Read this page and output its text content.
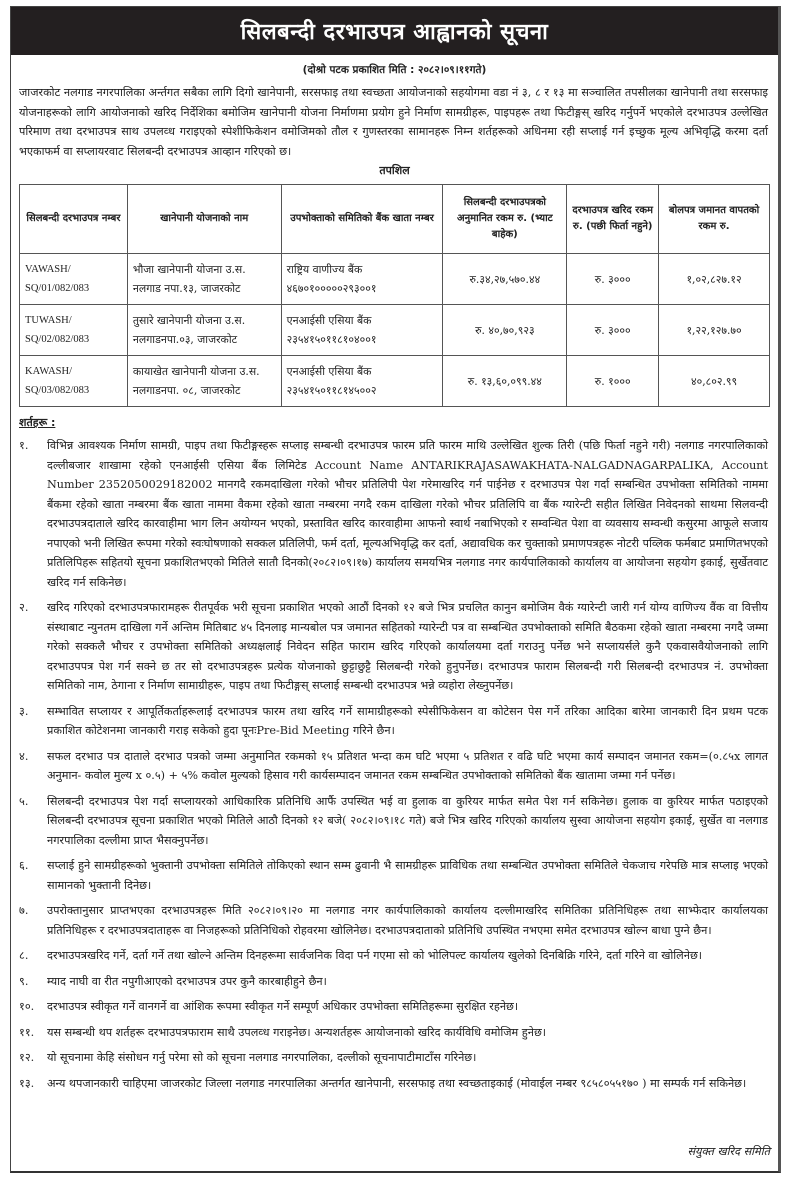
सिलबन्दी दरभाउपत्र आह्वानको सूचना
(दोश्रो पटक प्रकाशित मिति : २०८२।०९।११गते)
जाजरकोट नलगाड नगरपालिका अर्न्तगत सबैका लागि दिगो खानेपानी, सरसफाइ तथा स्वच्छता आयोजनाको सहयोगमा वडा नं ३, ८ र १३ मा सञ्चालित तपसीलका खानेपानी तथा सरसफाइ योजनाहरूको लागि आयोजनाको खरिद निर्देशिका बमोजिम खानेपानी योजना निर्माणमा प्रयोग हुने निर्माण सामग्रीहरू, पाइपहरू तथा फिटीङ्गस् खरिद गर्नुपर्ने भएकोले दरभाउपत्र उल्लेखित परिमाण तथा दरभाउपत्र साथ उपलव्ध गराइएको स्पेशीफिकेशन वमोजिमको तौल र गुणस्तरका सामानहरू निम्न शर्तहरूको अधिनमा रही सप्लाई गर्न इच्छुक मूल्य अभिवृद्धि करमा दर्ता भएकाफर्म वा सप्लायरवाट सिलबन्दी दरभाउपत्र आव्हान गरिएको छ।
तपशिल
सिलबन्दी दरभाउपत्र नम्बर	खानेपानी योजनाको नाम	उपभोक्ताको समितिको बैंक खाता नम्बर	सिलबन्दी दरभाउपत्रको अनुमानित रकम रु. (भ्याट बाहेक)	दरभाउपत्र खरिद रकम रु. (पछी फिर्ता नहुने)	बोलपत्र जमानत वापतको रकम रु.
VAWASH/ SQ/01/082/083	भौजा खानेपानी योजना उ.स. नलगाड नपा.१३, जाजरकोट	राष्ट्रिय वाणीज्य बैंक ४६७०१०००००२९३००१	रु.३४,२७,५७०.४४	रु. ३०००	१,०२,८२७.१२
TUWASH/ SQ/02/082/083	तुसारे खानेपानी योजना उ.स. नलगाडनपा.०३, जाजरकोट	एनआईसी एसिया बैंक २३५४१५०११८१०४००१	रु. ४०,७०,९२३	रु. ३०००	१,२२,१२७.७०
KAWASH/ SQ/03/082/083	कायाखेत खानेपानी योजना उ.स. नलगाडनपा. ०८, जाजरकोट	एनआईसी एसिया बैंक २३५४१५०११८१४५००२	रु. १३,६०,०९९.४४	रु. १०००	४०,८०२.९९
शर्तहरू :
१.	विभिन्न आवश्यक निर्माण सामग्री, पाइप तथा फिटीङ्गस्हरू सप्लाइ सम्बन्धी दरभाउपत्र फारम प्रति फारम माथि उल्लेखित शुल्क तिरी (पछि फिर्ता नहुने गरी) नलगाड नगरपालिकाको दल्लीबजार शाखामा रहेको एनआईसी एसिया बैंक लिमिटेड Account Name ANTARIKRAJASAWAKHATA-NALGADNAGARPALIKA, Account Number 2352050029182002 मानगदै रकमदाखिला गरेको भौचर प्रतिलिपी पेश गरेमाखरिद गर्न पाईनेछ र दरभाउपत्र पेश गर्दा सम्बन्धित उपभोक्ता समितिको नाममा बैंकमा रहेको खाता नम्बरमा बैंक खाता नाममा वैकमा रहेको खाता नम्बरमा नगदै रकम दाखिला गरेको भौचर प्रतिलिपि वा बैंक ग्यारेन्टी सहीत लिखित निवेदनको साथमा सिलवन्दी दरभाउपत्रदाताले खरिद कारवाहीमा भाग लिन अयोग्यन भएको, प्रस्तावित खरिद कारवाहीमा आफनो स्वार्थ नबाभिएको र सम्वन्धित पेशा वा व्यवसाय सम्वन्धी कसुरमा आफूले सजाय नपाएको भनी लिखित रूपमा गरेको स्वःघोषणाको सक्कल प्रतिलिपी, फर्म दर्ता, मूल्यअभिवृद्धि कर दर्ता, अद्यावधिक कर चुक्ताको प्रमाणपत्रहरू नोटरी पव्लिक फर्मबाट प्रमाणितभएको प्रतिलिपिहरू सहितयो सूचना प्रकाशितभएको मितिले सातौ दिनको(२०८२।०९।१७) कार्यालय समयभित्र नलगाड नगर कार्यपालिकाको कार्यालय वा आयोजना सहयोग इकाई, सुर्खेतवाट खरिद गर्न सकिनेछ।
२.	खरिद गरिएको दरभाउपत्रफारामहरू रीतपूर्वक भरी सूचना प्रकाशित भएको आठौं दिनको १२ बजे भित्र प्रचलित कानुन बमोजिम वैकं ग्यारेन्टी जारी गर्न योग्य वाणिज्य वैंक वा वित्तीय संस्थाबाट न्युनतम दाखिला गर्ने अन्तिम मितिबाट ४५ दिनलाइ मान्यबोल पत्र जमानत सहितको ग्यारेन्टी पत्र वा सम्बन्धित उपभोक्ताको समिति बैठकमा रहेको खाता नम्बरमा नगदै जम्मा गरेको सक्कलै भौचर र उपभोक्ता समितिको अध्यक्षलाई निवेदन सहित फाराम खरिद गरिएको कार्यालयमा दर्ता गराउनु पर्नेछ भने सप्लायर्सले कुनै एकवासवैयोजनाको लागि दरभाउपपत्र पेश गर्न सक्ने छ तर सो दरभाउपत्रहरू प्रत्येक योजनाको छुट्टाछुट्टै सिलबन्दी गरेको हुनुपर्नेछ। दरभाउपत्र फाराम सिलबन्दी गरी सिलबन्दी दरभाउपत्र नं. उपभोक्ता समितिको नाम, ठेगाना र निर्माण सामाग्रीहरू, पाइप तथा फिटीङ्गस् सप्लाई सम्बन्धी दरभाउपत्र भन्ने व्यहोरा लेख्नुपर्नेछ।
३.	सम्भावित सप्लायर र आपूर्तिकर्ताहरूलाई दरभाउपत्र फारम तथा खरिद गर्ने सामाग्रीहरूको स्पेसीफिकेसन वा कोटेसन पेस गर्ने तरिका आदिका बारेमा जानकारी दिन प्रथम पटक प्रकाशित कोटेशनमा जानकारी गराइ सकेको हुदा पूनःPre-Bid Meeting गरिने छैन।
४.	सफल दरभाउ पत्र दाताले दरभाउ पत्रको जम्मा अनुमानित रकमको १५ प्रतिशत भन्दा कम घटि भएमा ५ प्रतिशत र वढि घटि भएमा कार्य सम्पादन जमानत रकम=(०.८५x लागत अनुमान- कवोल मुल्य x ०.५) + ५% कवोल मुल्यको हिसाव गरी कार्यसम्पादन जमानत रकम सम्बन्धित उपभोक्ताको समितिको बैंक खातामा जम्मा गर्न पर्नेछ।
५.	सिलबन्दी दरभाउपत्र पेश गर्दा सप्लायरको आधिकारिक प्रतिनिधि आर्फै उपस्थित भई वा हुलाक वा कुरियर मार्फत समेत पेश गर्न सकिनेछ। हुलाक वा कुरियर मार्फत पठाइएको सिलबन्दी दरभाउपत्र सूचना प्रकाशित भएको मितिले आठौ दिनको १२ बजे( २०८२।०९।१८ गते) बजे भित्र खरिद गरिएको कार्यालय सुस्वा आयोजना सहयोग इकाई, सुर्खेत वा नलगाड नगरपालिका दल्लीमा प्राप्त भैसक्नुपर्नेछ।
६.	सप्लाई हुने सामग्रीहरूको भुक्तानी उपभोक्ता समितिले तोकिएको स्थान सम्म ढुवानी भै सामग्रीहरू प्राविधिक तथा सम्बन्धित उपभोक्ता समितिले चेकजाच गरेपछि मात्र सप्लाइ भएको सामानको भुक्तानी दिनेछ।
७.	उपरोक्तानुसार प्राप्तभएका दरभाउपत्रहरू मिति २०८२।०९।२० मा नलगाड नगर कार्यपालिकाको कार्यालय दल्लीमाखरिद समितिका प्रतिनिधिहरू तथा साभ्फेदार कार्यालयका प्रतिनिधिहरू र दरभाउपत्रदाताहरू वा निजहरूको प्रतिनिधिको रोहवरमा खोलिनेछ। दरभाउपत्रदाताको प्रतिनिधि उपस्थित नभएमा समेत दरभाउपत्र खोल्न बाधा पुग्ने छैन।
८.	दरभाउपत्रखरिद गर्ने, दर्ता गर्ने तथा खोल्ने अन्तिम दिनहरूमा सार्वजनिक विदा पर्न गएमा सो को भोलिपल्ट कार्यालय खुलेको दिनबिक्रि गरिने, दर्ता गरिने वा खोलिनेछ।
९.	म्याद नाघी वा रीत नपुगीआएको दरभाउपत्र उपर कुनै कारबाहीहुने छैन।
१०.	दरभाउपत्र स्वीकृत गर्ने वानगर्ने वा आंशिक रूपमा स्वीकृत गर्ने सम्पूर्ण अधिकार उपभोक्ता समितिहरूमा सुरक्षित रहनेछ।
११.	यस सम्बन्धी थप शर्तहरू दरभाउपत्रफाराम साथै उपलव्ध गराइनेछ। अन्यशर्तहरू आयोजनाको खरिद कार्यविधि वमोजिम हुनेछ।
१२.	यो सूचनामा केहि संसोधन गर्नु परेमा सो को सूचना नलगाड नगरपालिका, दल्लीको सूचनापाटीमाटाँस गरिनेछ।
१३.	अन्य थपजानकारी चाहिएमा जाजरकोट जिल्ला नलगाड नगरपालिका अन्तर्गत खानेपानी, सरसफाइ तथा स्वच्छताइकाई (मोवाईल नम्बर ९८५८०५५१७० ) मा सम्पर्क गर्न सकिनेछ।
संयुक्त खरिद समिति
